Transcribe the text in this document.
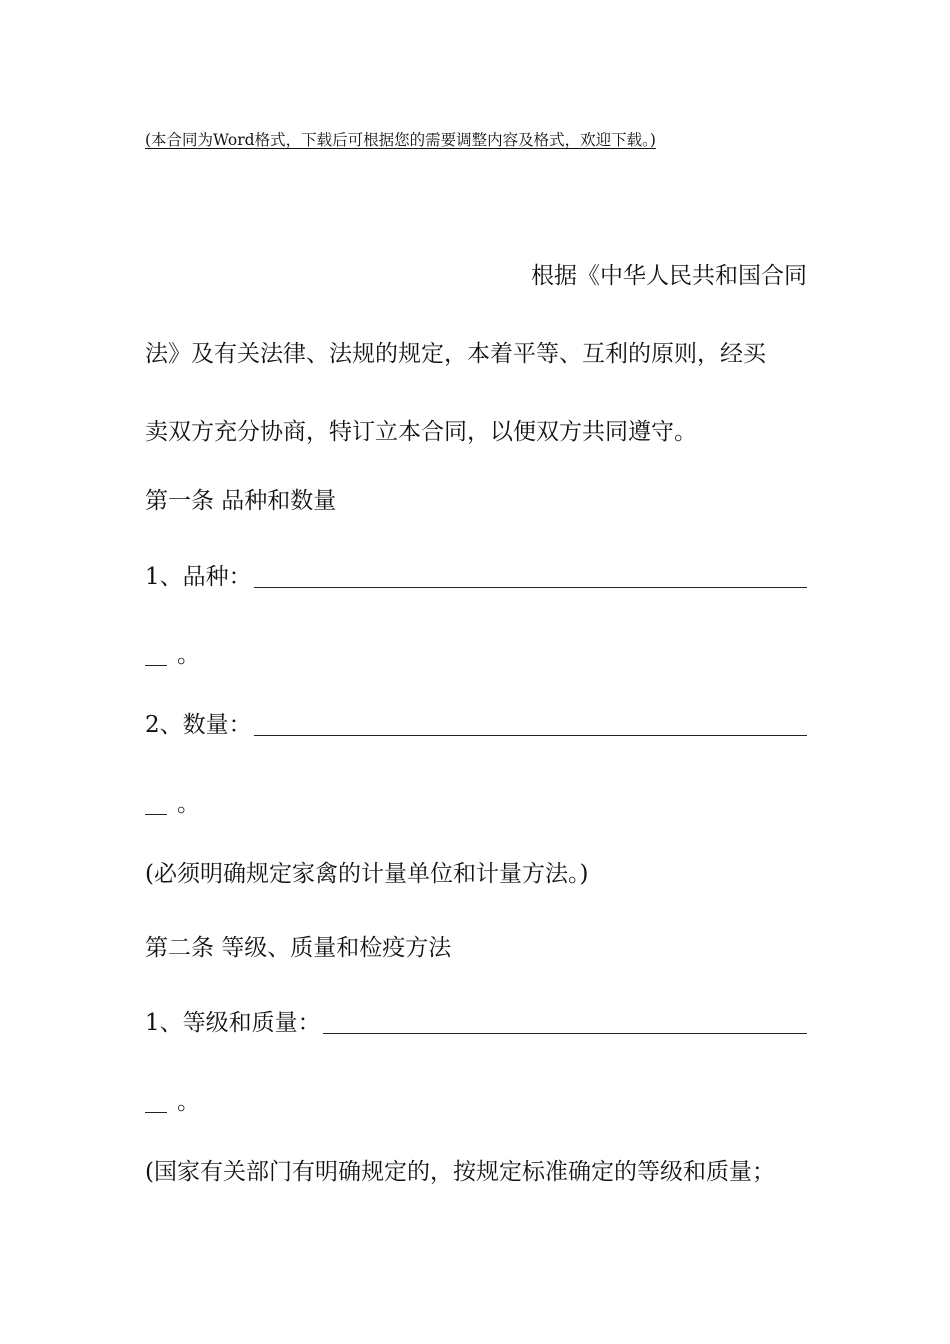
(本合同为Word格式，下载后可根据您的需要调整内容及格式，欢迎下载。)
根据《中华人民共和国合同
法》及有关法律、法规的规定，本着平等、互利的原则，经买
卖双方充分协商，特订立本合同，以便双方共同遵守。
第一条 品种和数量
1、品种：
。
2、数量：
。
(必须明确规定家禽的计量单位和计量方法。)
第二条 等级、质量和检疫方法
1、等级和质量：
。
(国家有关部门有明确规定的，按规定标准确定的等级和质量；
